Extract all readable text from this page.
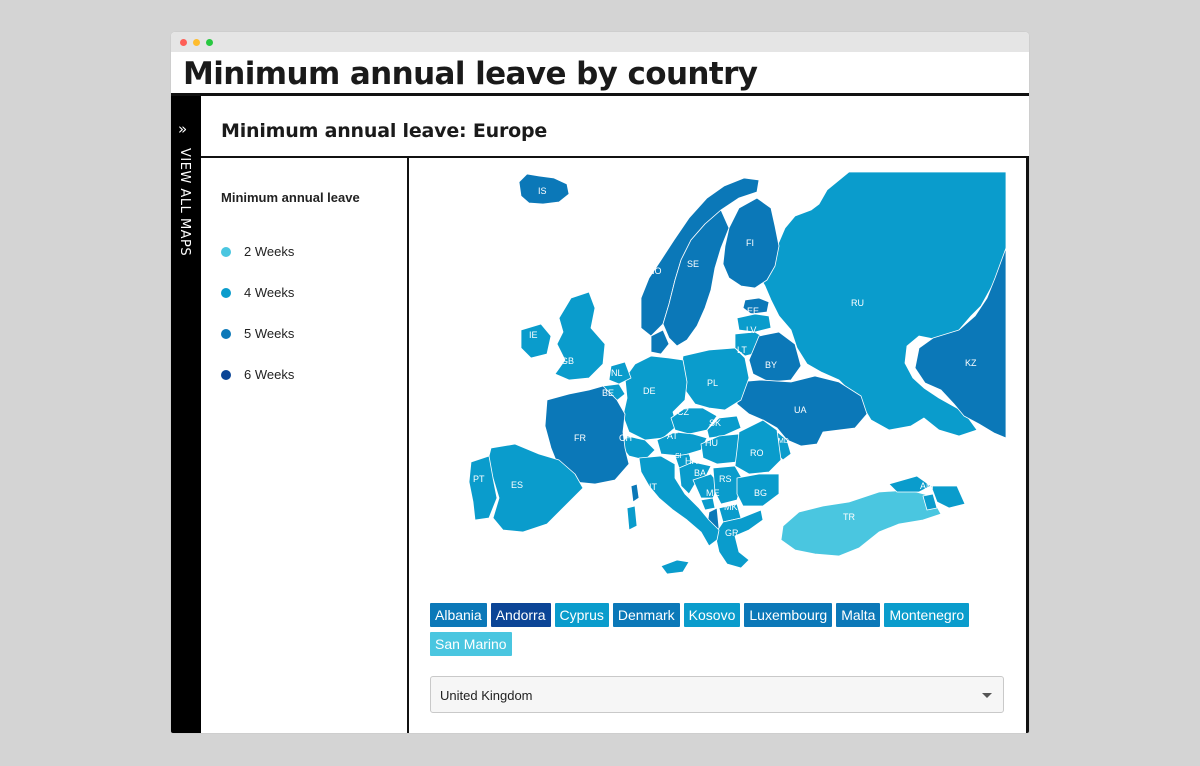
Minimum annual leave by country
»
VIEW ALL MAPS
Minimum annual leave: Europe
Minimum annual leave
2 Weeks
4 Weeks
5 Weeks
6 Weeks
IS
NO
SE
FI
RU
EE
LV
LT
BY
UA
KZ
IE
GB
NL
BE	DE
PL
CZ
SK
AT
CH	HU
RO
MD
FR
SI HR
BA
RS
ME
MK
BG
GR
IT
ES
PT
TR
GE
AM
AZ
Albania	Andorra	Cyprus	Denmark	Kosovo	Luxembourg	Malta	Montenegro
San Marino
United Kingdom
